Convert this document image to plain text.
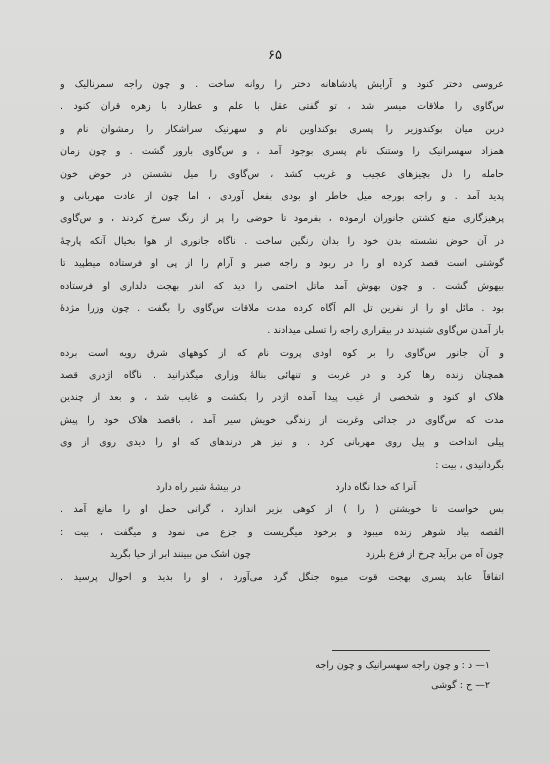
۶۵
عروسی دختر کنود و آرایش پادشاهانه دختر را روانه ساخت . و چون راجه سمرنالیک و
س‌گاوی را ملاقات میسر شد ، تو گفتی عقل با علم و عطارد با زهره قران کنود .
درین میان بوکندوزیر را پسری بوکنداوین نام و سهرنیک سراشکار را رمشوان نام و
همزاد سهسرانیک را وستنک نام پسری بوجود آمد ، و س‌گاوی بارور گشت . و چون زمان
حامله را دل بچیزهای عجیب و غریب کشد ، س‌گاوی را میل نشستن در حوض خون
پدید آمد . و راجه بورجه میل خاطر او بودی بفعل آوردی ، اما چون از عادت مهربانی و
پرهیزگاری منع کشتن جانوران ارموده ، بفرمود تا حوضی را پر از رنگ سرخ کردند ، و س‌گاوی
در آن حوض نشسته بدن خود را بدان رنگین ساخت . ناگاه جانوری از هوا بخیال آنکه پارچهٔ
گوشتی است قصد کرده او را در ربود و راجه صبر و آرام را از پی او فرستاده میطپید تا
بیهوش گشت . و چون بهوش آمد ماتل احتمی را دید که اندر بهجت دلداری او فرستاده
بود . مائل او را از نفرین تل الم آگاه کرده مدت ملاقات س‌گاوی را بگفت . چون وزرا مژدهٔ
باز آمدن س‌گاوی شنیدند در بیقراری راجه را تسلی میدادند .
و آن جانور س‌گاوی را بر کوه اودی پروت نام که از کوههای شرق رویه است برده
همچنان زنده رها کرد و در غربت و تنهائی بنالهٔ وزاری میگذرانید . ناگاه اژدری قصد
هلاک او کنود و شخصی از غیب پیدا آمده اژدر را بکشت و غایب شد ، و بعد از چندین
مدت که س‌گاوی در جدائی وغربت از زندگی خویش سیر آمد ، باقصد هلاک خود را پیش
پیلی انداخت و پیل روی مهربانی کرد . و نیز هر درندهای که او را دیدی روی از وی
بگردانیدی ، بیت :
آنرا که خدا نگاه دارد
در بیشهٔ شیر راه دارد
بس خواست تا خویشتن ( را ) از کوهی بزیر اندازد ، گرانی حمل او را مانع آمد .
القصه بیاد شوهر زنده میبود و برخود میگریست و جزع می نمود و میگفت ، بیت :
چون آه من برآید چرخ از فزع بلرزد
چون اشک من ببینند ابر از حیا بگرید
اتفاقاً عابد پسری بهجت قوت میوه جنگل گرد می‌آورد ، او را بدید و احوال پرسید .
۱— د : و چون راجه سهسرانیک و چون راجه
۲— ح : گوشی
